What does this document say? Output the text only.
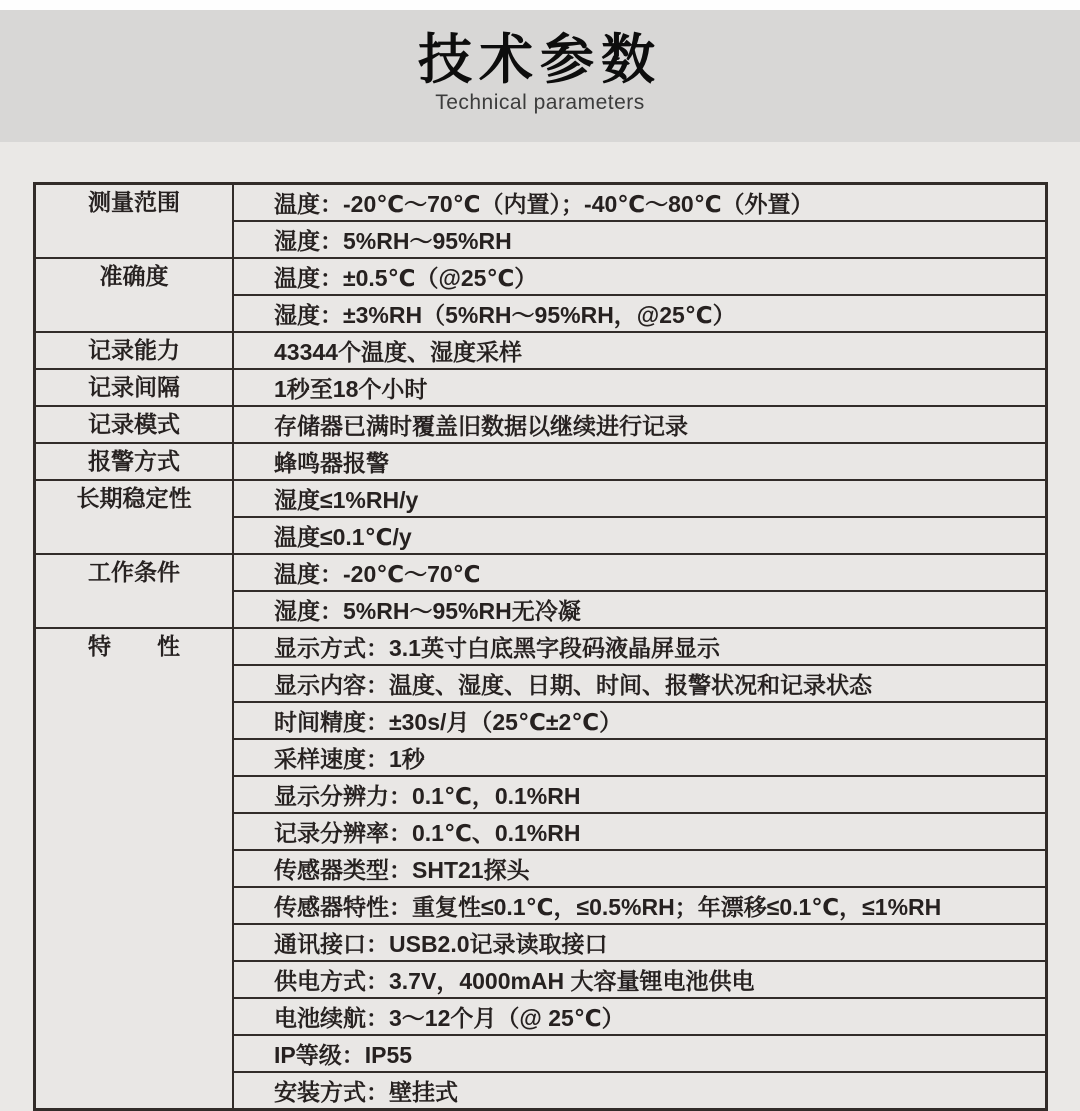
技术参数
Technical parameters
测量范围	温度：-20℃～70℃（内置）；-40℃～80℃（外置）
	湿度：5%RH～95%RH
准确度	温度：±0.5℃（@25℃）
	湿度：±3%RH（5%RH～95%RH，@25℃）
记录能力	43344个温度、湿度采样
记录间隔	1秒至18个小时
记录模式	存储器已满时覆盖旧数据以继续进行记录
报警方式	蜂鸣器报警
长期稳定性	湿度≤1%RH/y
	温度≤0.1℃/y
工作条件	温度：-20℃～70℃
	湿度：5%RH～95%RH无冷凝
特　　性	显示方式：3.1英寸白底黑字段码液晶屏显示
	显示内容：温度、湿度、日期、时间、报警状况和记录状态
	时间精度：±30s/月（25℃±2℃）
	采样速度：1秒
	显示分辨力：0.1℃，0.1%RH
	记录分辨率：0.1℃、0.1%RH
	传感器类型：SHT21探头
	传感器特性：重复性≤0.1℃，≤0.5%RH；年漂移≤0.1℃，≤1%RH
	通讯接口：USB2.0记录读取接口
	供电方式：3.7V，4000mAH 大容量锂电池供电
	电池续航：3～12个月（@ 25℃）
	IP等级：IP55
	安装方式：壁挂式
